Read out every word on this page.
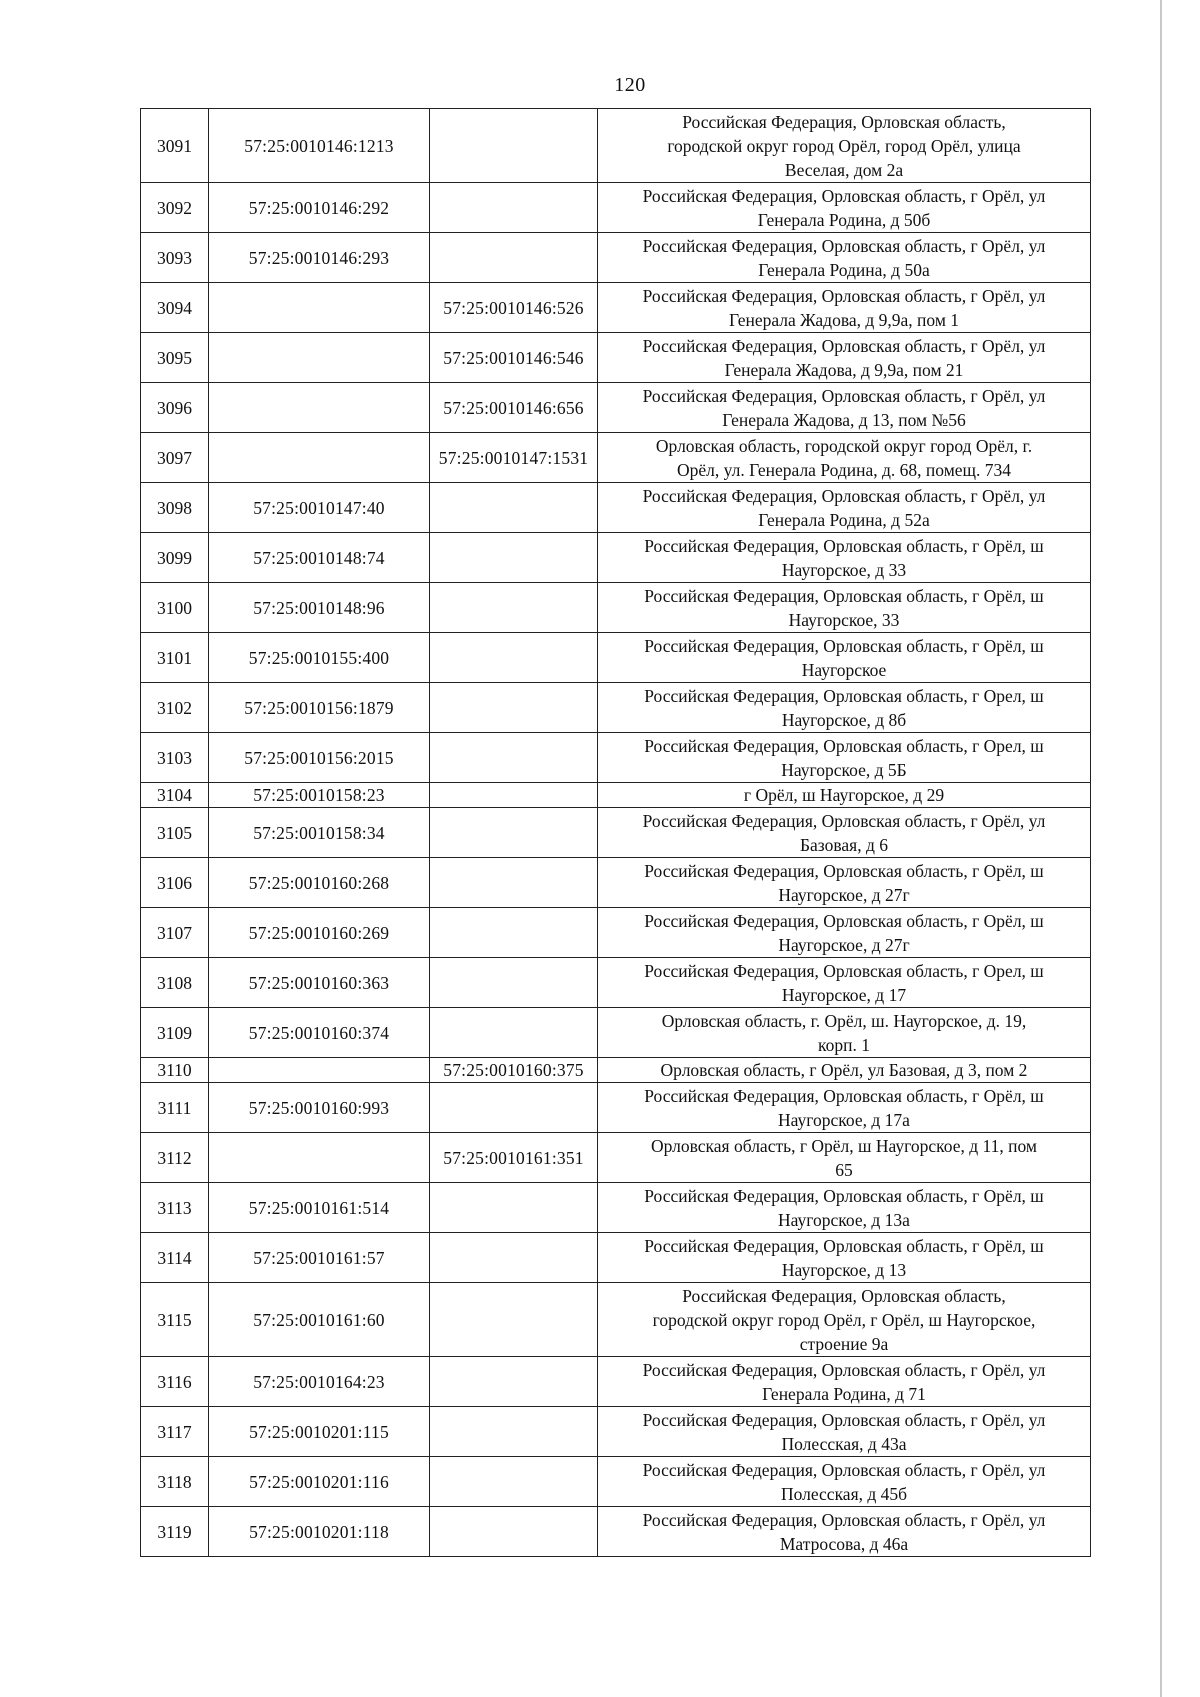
120
3091	57:25:0010146:1213		Российская Федерация, Орловская область,
городской округ город Орёл, город Орёл, улица
Веселая, дом 2а

3092	57:25:0010146:292		Российская Федерация, Орловская область, г Орёл, ул
Генерала Родина, д 50б

3093	57:25:0010146:293		Российская Федерация, Орловская область, г Орёл, ул
Генерала Родина, д 50а

3094		57:25:0010146:526	Российская Федерация, Орловская область, г Орёл, ул
Генерала Жадова, д 9,9а, пом 1

3095		57:25:0010146:546	Российская Федерация, Орловская область, г Орёл, ул
Генерала Жадова, д 9,9а, пом 21

3096		57:25:0010146:656	Российская Федерация, Орловская область, г Орёл, ул
Генерала Жадова, д 13, пом №56

3097		57:25:0010147:1531	Орловская область, городской округ город Орёл, г.
Орёл, ул. Генерала Родина, д. 68, помещ. 734

3098	57:25:0010147:40		Российская Федерация, Орловская область, г Орёл, ул
Генерала Родина, д 52а

3099	57:25:0010148:74		Российская Федерация, Орловская область, г Орёл, ш
Наугорское, д 33

3100	57:25:0010148:96		Российская Федерация, Орловская область, г Орёл, ш
Наугорское, 33

3101	57:25:0010155:400		Российская Федерация, Орловская область, г Орёл, ш
Наугорское

3102	57:25:0010156:1879		Российская Федерация, Орловская область, г Орел, ш
Наугорское, д 8б

3103	57:25:0010156:2015		Российская Федерация, Орловская область, г Орел, ш
Наугорское, д 5Б

3104	57:25:0010158:23		г Орёл, ш Наугорское, д 29

3105	57:25:0010158:34		Российская Федерация, Орловская область, г Орёл, ул
Базовая, д 6

3106	57:25:0010160:268		Российская Федерация, Орловская область, г Орёл, ш
Наугорское, д 27г

3107	57:25:0010160:269		Российская Федерация, Орловская область, г Орёл, ш
Наугорское, д 27г

3108	57:25:0010160:363		Российская Федерация, Орловская область, г Орел, ш
Наугорское, д 17

3109	57:25:0010160:374		Орловская область, г. Орёл, ш. Наугорское, д. 19,
корп. 1

3110		57:25:0010160:375	Орловская область, г Орёл, ул Базовая, д 3, пом 2

3111	57:25:0010160:993		Российская Федерация, Орловская область, г Орёл, ш
Наугорское, д 17а

3112		57:25:0010161:351	Орловская область, г Орёл, ш Наугорское, д 11, пом
65

3113	57:25:0010161:514		Российская Федерация, Орловская область, г Орёл, ш
Наугорское, д 13а

3114	57:25:0010161:57		Российская Федерация, Орловская область, г Орёл, ш
Наугорское, д 13

3115	57:25:0010161:60		Российская Федерация, Орловская область,
городской округ город Орёл, г Орёл, ш Наугорское,
строение 9а

3116	57:25:0010164:23		Российская Федерация, Орловская область, г Орёл, ул
Генерала Родина, д 71

3117	57:25:0010201:115		Российская Федерация, Орловская область, г Орёл, ул
Полесская, д 43а

3118	57:25:0010201:116		Российская Федерация, Орловская область, г Орёл, ул
Полесская, д 45б

3119	57:25:0010201:118		Российская Федерация, Орловская область, г Орёл, ул
Матросова, д 46а
